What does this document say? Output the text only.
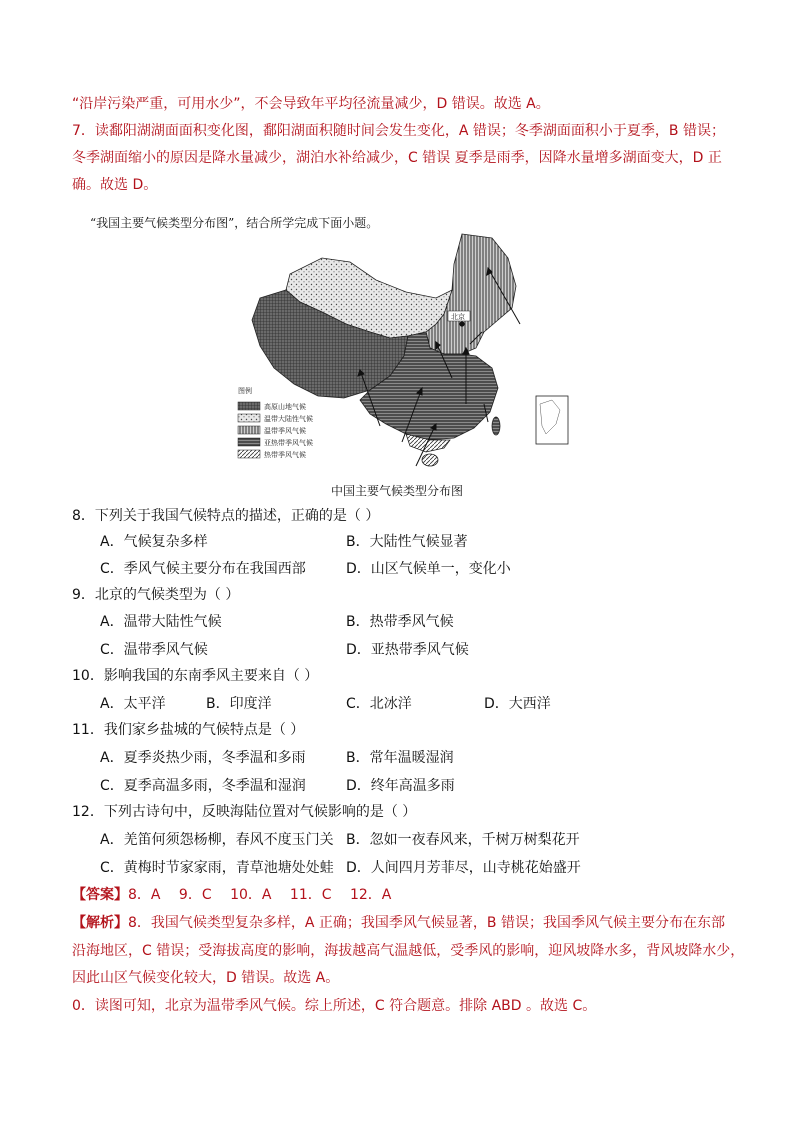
“沿岸污染严重，可用水少”，不会导致年平均径流量减少，D 错误。故选 A。
7．读鄱阳湖湖面面积变化图，鄱阳湖面积随时间会发生变化，A 错误；冬季湖面面积小于夏季，B 错误；
冬季湖面缩小的原因是降水量减少，湖泊水补给减少，C 错误 夏季是雨季，因降水量增多湖面变大，D 正
确。故选 D。
“我国主要气候类型分布图”，结合所学完成下面小题。
北京
图例
高原山地气候
温带大陆性气候
温带季风气候
亚热带季风气候
热带季风气候
中国主要气候类型分布图
8．下列关于我国气候特点的描述，正确的是（ ）
A．气候复杂多样	B．大陆性气候显著
C．季风气候主要分布在我国西部	D．山区气候单一，变化小
9．北京的气候类型为（ ）
A．温带大陆性气候	B．热带季风气候
C．温带季风气候	D．亚热带季风气候
10．影响我国的东南季风主要来自（ ）
A．太平洋	B．印度洋	C．北冰洋	D．大西洋
11．我们家乡盐城的气候特点是（ ）
A．夏季炎热少雨，冬季温和多雨	B．常年温暖湿润
C．夏季高温多雨，冬季温和湿润	D．终年高温多雨
12．下列古诗句中，反映海陆位置对气候影响的是（ ）
A．羌笛何须怨杨柳，春风不度玉门关 B．忽如一夜春风来，千树万树梨花开
C．黄梅时节家家雨，青草池塘处处蛙 D．人间四月芳菲尽，山寺桃花始盛开
【答案】8．A　 9．C　 10．A　 11．C　 12．A
【解析】8．我国气候类型复杂多样，A 正确；我国季风气候显著，B 错误；我国季风气候主要分布在东部
沿海地区，C 错误；受海拔高度的影响，海拔越高气温越低，受季风的影响，迎风坡降水多，背风坡降水少，
因此山区气候变化较大，D 错误。故选 A。
0．读图可知，北京为温带季风气候。综上所述，C 符合题意。排除 ABD 。故选 C。
